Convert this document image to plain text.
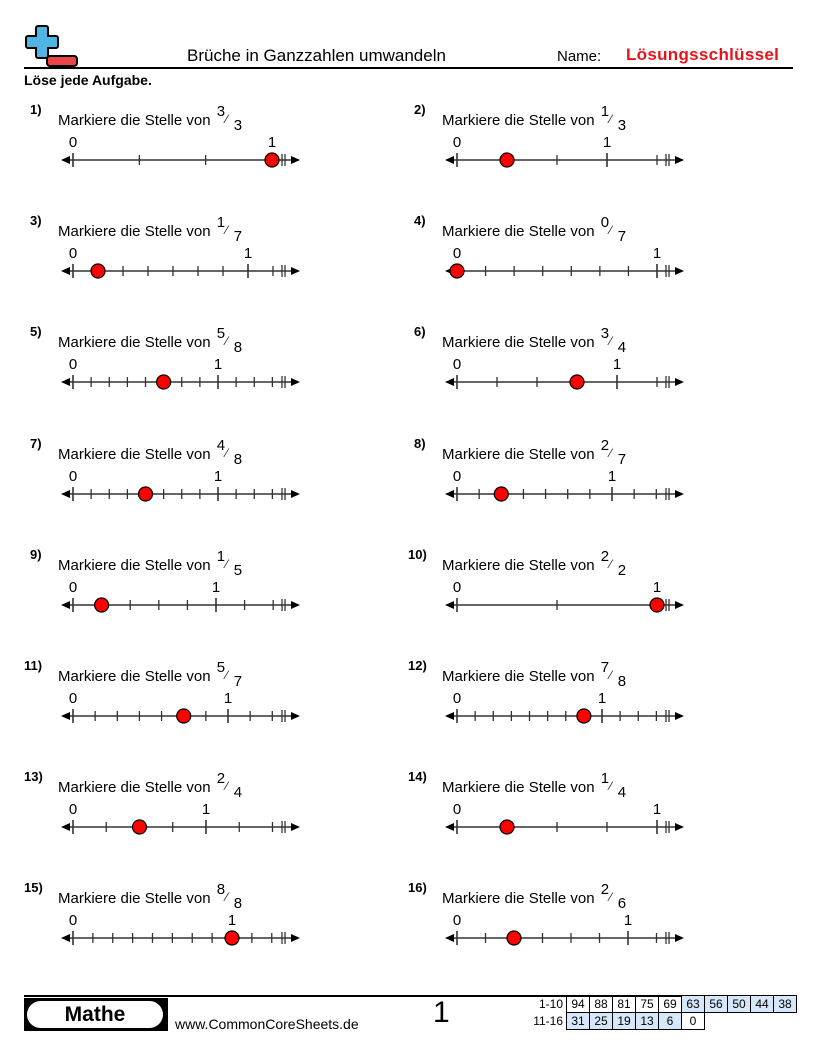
Brüche in Ganzzahlen umwandeln	Name: Lösungsschlüssel
Löse jede Aufgabe.
1)
Markiere die Stelle von
3 ⁄ 3
0	1
2)
Markiere die Stelle von
1 ⁄ 3
0	1
3)
Markiere die Stelle von
1 ⁄ 7
0	1
4)
Markiere die Stelle von
0 ⁄ 7
0	1
5)
Markiere die Stelle von
5 ⁄ 8
0	1
6)
Markiere die Stelle von
3 ⁄ 4
0	1
7)
Markiere die Stelle von
4 ⁄ 8
0	1
8)
Markiere die Stelle von
2 ⁄ 7
0	1
9)
Markiere die Stelle von
1 ⁄ 5
0	1
10)
Markiere die Stelle von
2 ⁄ 2
0	1
11)
Markiere die Stelle von
5 ⁄ 7
0	1
12)
Markiere die Stelle von
7 ⁄ 8
0	1
13)
Markiere die Stelle von
2 ⁄ 4
0	1
14)
Markiere die Stelle von
1 ⁄ 4
0	1
15)
Markiere die Stelle von
8 ⁄ 8
0	1
16)
Markiere die Stelle von
2 ⁄ 6
0	1
Mathe	www.CommonCoreSheets.de 1	1-10 94 88 81 75 69 63 56 50 44 38
11-16 31 25 19 13	6	0
